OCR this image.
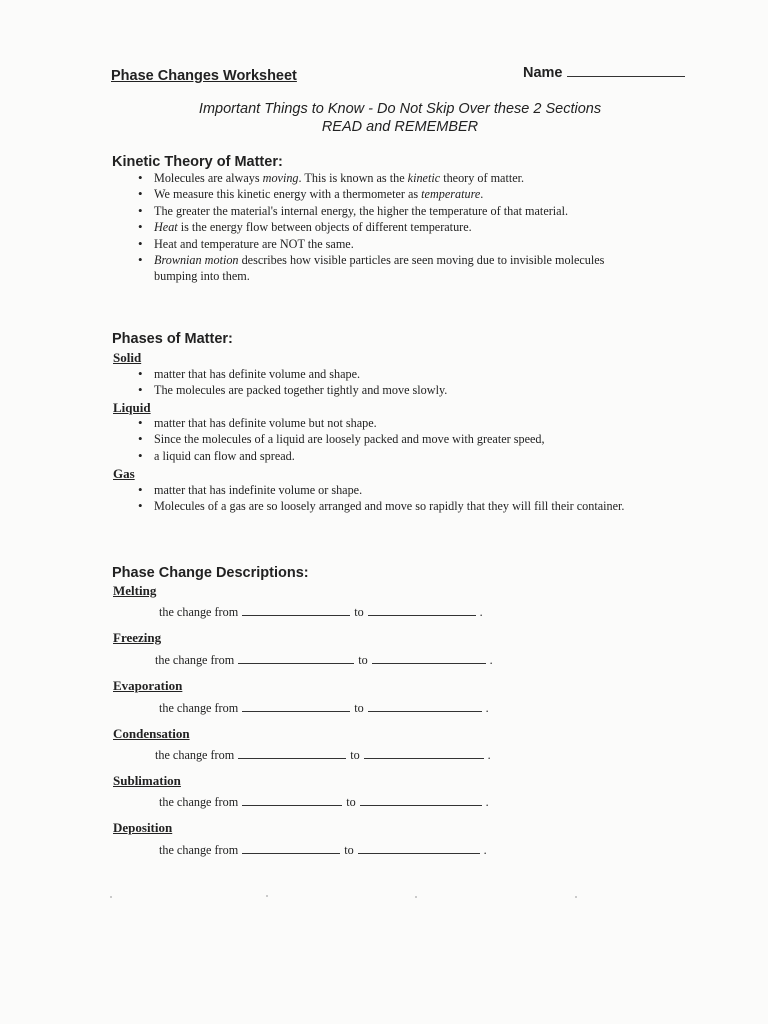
Phase Changes Worksheet	Name
Important Things to Know - Do Not Skip Over these 2 Sections
READ and REMEMBER
Kinetic Theory of Matter:
• Molecules are always moving. This is known as the kinetic theory of matter.
• We measure this kinetic energy with a thermometer as temperature.
• The greater the material's internal energy, the higher the temperature of that material.
• Heat is the energy flow between objects of different temperature.
• Heat and temperature are NOT the same.
• Brownian motion describes how visible particles are seen moving due to invisible molecules
bumping into them.
Phases of Matter:
Solid
• matter that has definite volume and shape.
• The molecules are packed together tightly and move slowly.
Liquid
• matter that has definite volume but not shape.
• Since the molecules of a liquid are loosely packed and move with greater speed,
• a liquid can flow and spread.
Gas
• matter that has indefinite volume or shape.
• Molecules of a gas are so loosely arranged and move so rapidly that they will fill their container.
Phase Change Descriptions:
Melting
the change from	to	.
Freezing
the change from	to	.
Evaporation
the change from	to	.
Condensation
the change from	to	.
Sublimation
the change from	to	.
Deposition
the change from	to	.
